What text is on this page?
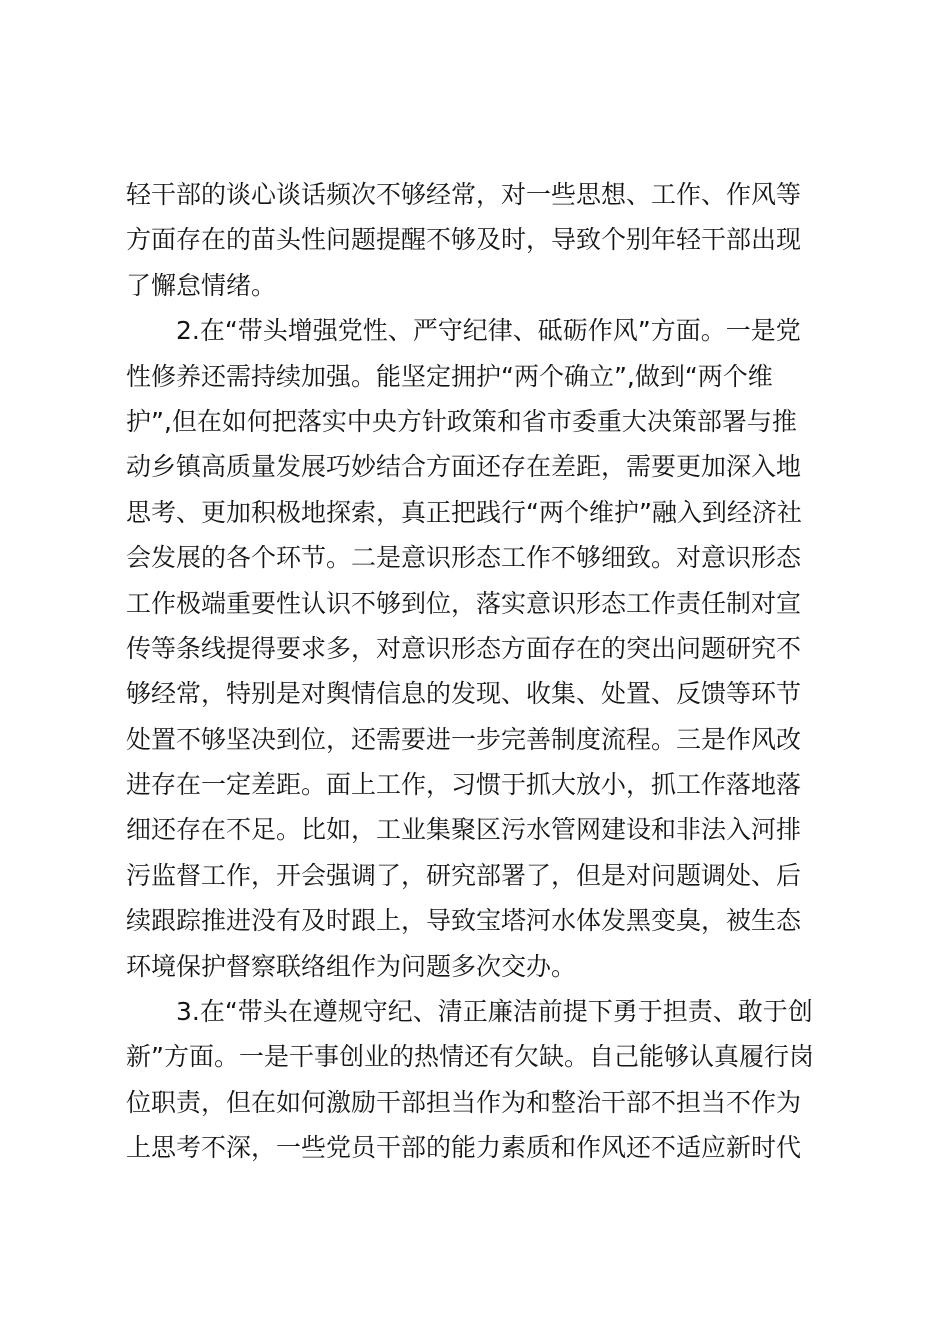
轻干部的谈心谈话频次不够经常，对一些思想、工作、作风等
方面存在的苗头性问题提醒不够及时，导致个别年轻干部出现
了懈怠情绪。
2.在“带头增强党性、严守纪律、砥砺作风”方面。一是党
性修养还需持续加强。能坚定拥护“两个确立”,做到“两个维
护”,但在如何把落实中央方针政策和省市委重大决策部署与推
动乡镇高质量发展巧妙结合方面还存在差距，需要更加深入地
思考、更加积极地探索，真正把践行“两个维护”融入到经济社
会发展的各个环节。二是意识形态工作不够细致。对意识形态
工作极端重要性认识不够到位，落实意识形态工作责任制对宣
传等条线提得要求多，对意识形态方面存在的突出问题研究不
够经常，特别是对舆情信息的发现、收集、处置、反馈等环节
处置不够坚决到位，还需要进一步完善制度流程。三是作风改
进存在一定差距。面上工作，习惯于抓大放小，抓工作落地落
细还存在不足。比如，工业集聚区污水管网建设和非法入河排
污监督工作，开会强调了，研究部署了，但是对问题调处、后
续跟踪推进没有及时跟上，导致宝塔河水体发黑变臭，被生态
环境保护督察联络组作为问题多次交办。
3.在“带头在遵规守纪、清正廉洁前提下勇于担责、敢于创
新”方面。一是干事创业的热情还有欠缺。自己能够认真履行岗
位职责，但在如何激励干部担当作为和整治干部不担当不作为
上思考不深，一些党员干部的能力素质和作风还不适应新时代
